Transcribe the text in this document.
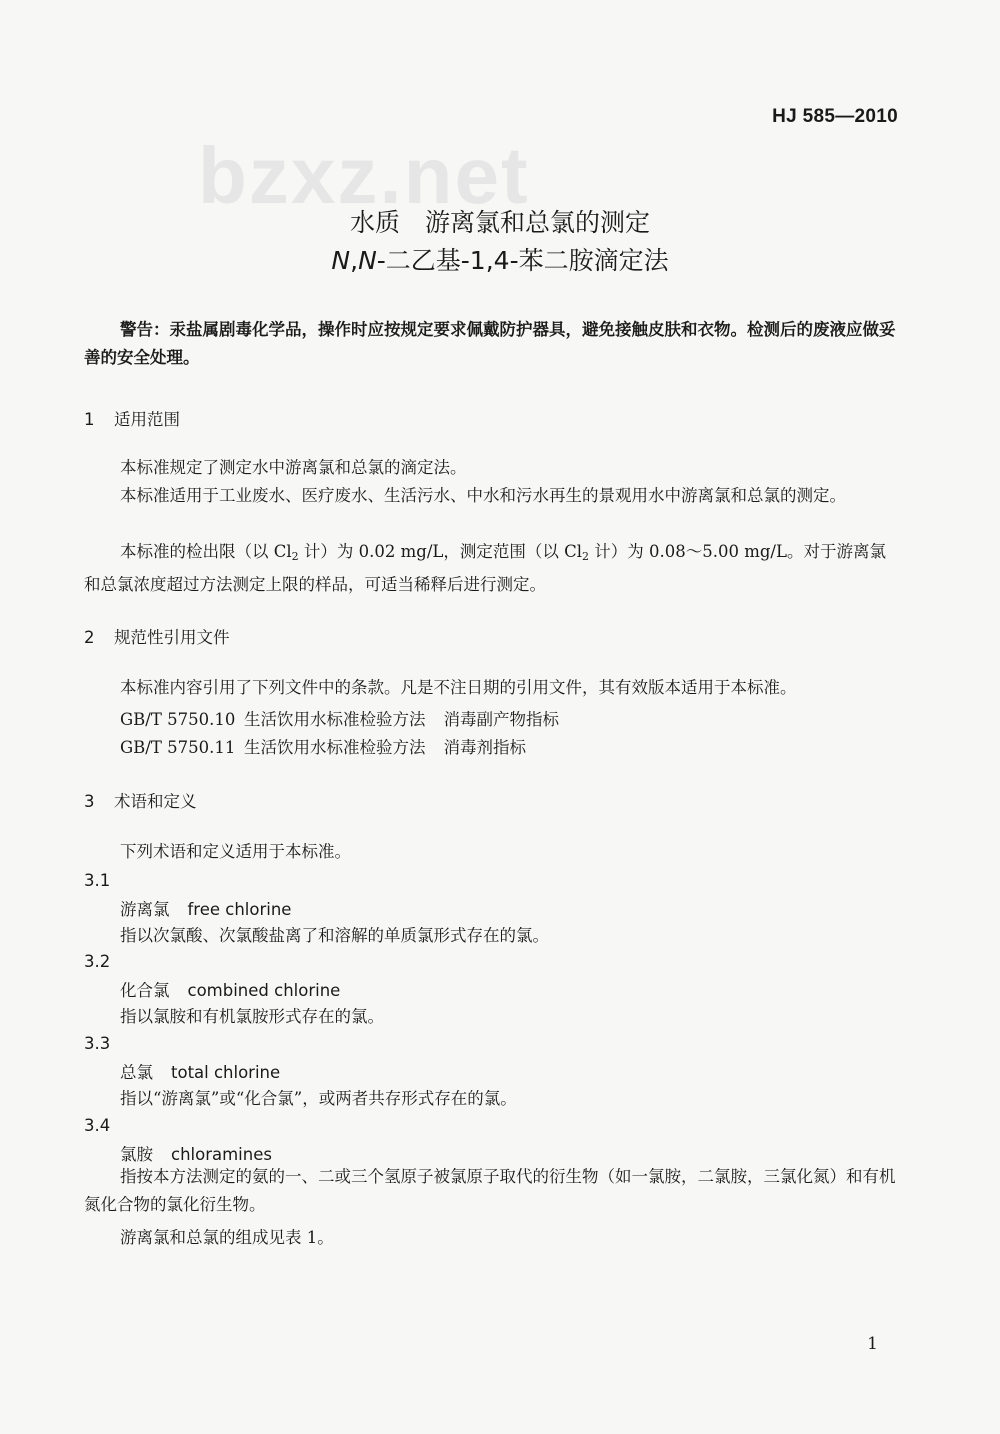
bzxz.net
HJ 585—2010
水质　游离氯和总氯的测定
N,N-二乙基-1,4-苯二胺滴定法
警告：汞盐属剧毒化学品，操作时应按规定要求佩戴防护器具，避免接触皮肤和衣物。检测后的废液应做妥善的安全处理。
1 适用范围
本标准规定了测定水中游离氯和总氯的滴定法。
本标准适用于工业废水、医疗废水、生活污水、中水和污水再生的景观用水中游离氯和总氯的测定。
本标准的检出限（以 $Cl_2$ 计）为 0.02 mg/L，测定范围（以 $Cl_2$ 计）为 0.08～5.00 mg/L。对于游离氯和总氯浓度超过方法测定上限的样品，可适当稀释后进行测定。
2 规范性引用文件
本标准内容引用了下列文件中的条款。凡是不注日期的引用文件，其有效版本适用于本标准。
GB/T 5750.10 生活饮用水标准检验方法 消毒副产物指标
GB/T 5750.11 生活饮用水标准检验方法 消毒剂指标
3 术语和定义
下列术语和定义适用于本标准。
3.1
游离氯 free chlorine
指以次氯酸、次氯酸盐离了和溶解的单质氯形式存在的氯。
3.2
化合氯 combined chlorine
指以氯胺和有机氯胺形式存在的氯。
3.3
总氯 total chlorine
指以“游离氯”或“化合氯”，或两者共存形式存在的氯。
3.4
氯胺 chloramines
指按本方法测定的氨的一、二或三个氢原子被氯原子取代的衍生物（如一氯胺，二氯胺，三氯化氮）和有机氮化合物的氯化衍生物。
游离氯和总氯的组成见表 1。
1
